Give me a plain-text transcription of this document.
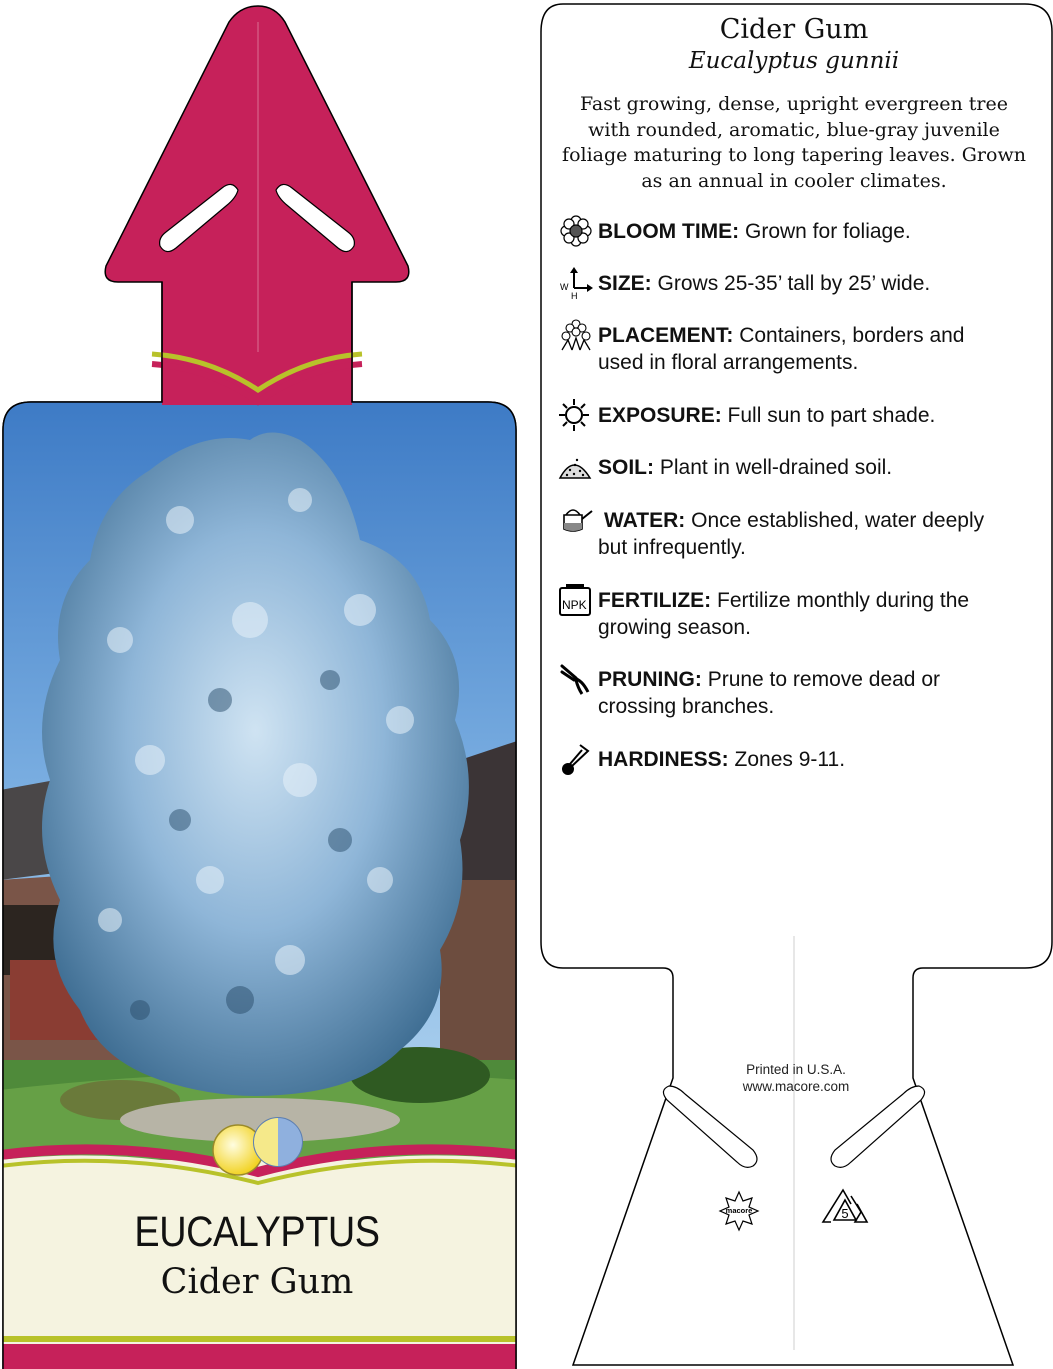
EUCALYPTUS
Cider Gum
Cider Gum
Eucalyptus gunnii
Fast growing, dense, upright evergreen tree
with rounded, aromatic, blue-gray juvenile
foliage maturing to long tapering leaves. Grown
as an annual in cooler climates.
BLOOM TIME: Grown for foliage.
W
H
SIZE: Grows 25-35’ tall by 25’ wide.
PLACEMENT: Containers, borders and
used in floral arrangements.
EXPOSURE: Full sun to part shade.
SOIL: Plant in well-drained soil.
WATER: Once established, water deeply
but infrequently.
NPK FERTILIZE: Fertilize monthly during the
growing season.
PRUNING: Prune to remove dead or
crossing branches.
HARDINESS: Zones 9-11.
Printed in U.S.A.
www.macore.com
macore	5
